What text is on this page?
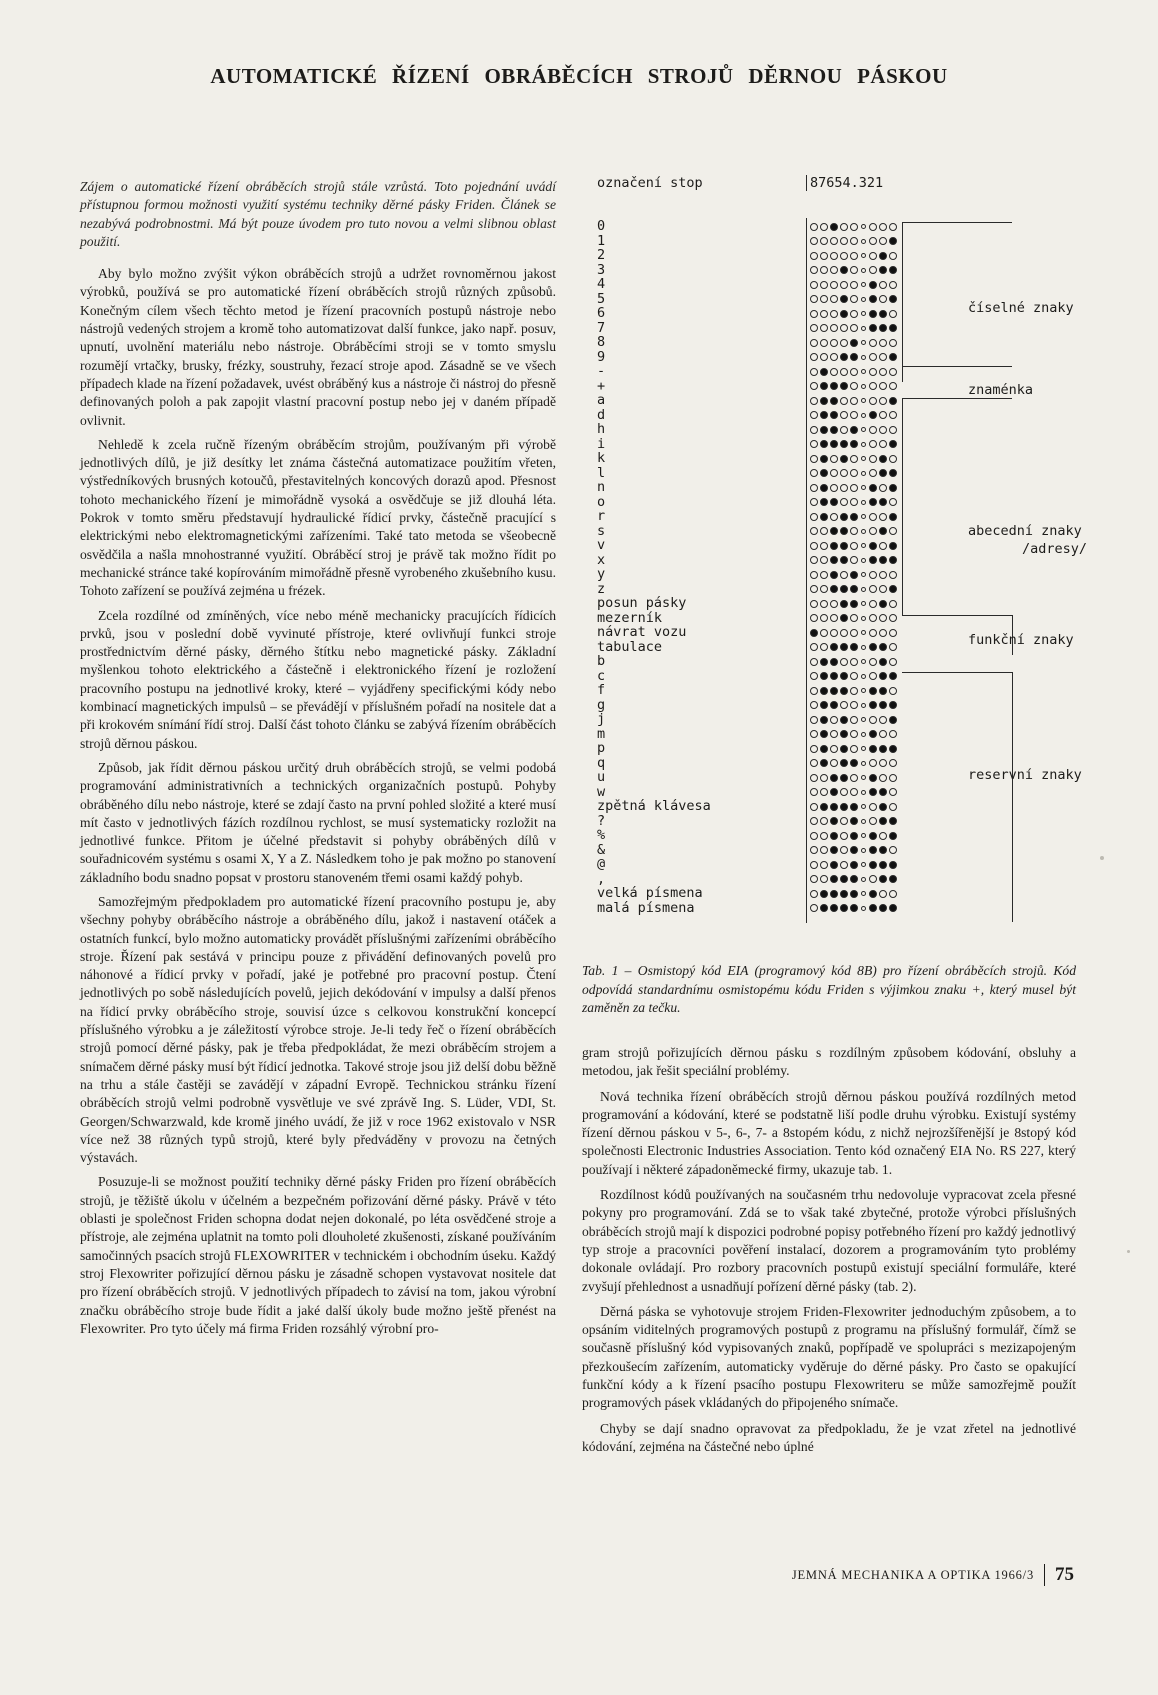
AUTOMATICKÉ ŘÍZENÍ OBRÁBĚCÍCH STROJŮ DĚRNOU PÁSKOU

Zájem o automatické řízení obráběcích strojů stále vzrůstá. Toto pojednání uvádí přístupnou formou možnosti využití systému techniky děrné pásky Friden. Článek se nezabývá podrobnostmi. Má být pouze úvodem pro tuto novou a velmi slibnou oblast použití.

Aby bylo možno zvýšit výkon obráběcích strojů a udržet rovnoměrnou jakost výrobků, používá se pro automatické řízení obráběcích strojů různých způsobů. Konečným cílem všech těchto metod je řízení pracovních postupů nástroje nebo nástrojů vedených strojem a kromě toho automatizovat další funkce, jako např. posuv, upnutí, uvolnění materiálu nebo nástroje. Obráběcími stroji se v tomto smyslu rozumějí vrtačky, brusky, frézky, soustruhy, řezací stroje apod. Zásadně se ve všech případech klade na řízení požadavek, uvést obráběný kus a nástroje či nástroj do přesně definovaných poloh a pak zapojit vlastní pracovní postup nebo jej v daném případě ovlivnit.

Nehledě k zcela ručně řízeným obráběcím strojům, používaným při výrobě jednotlivých dílů, je již desítky let známa částečná automatizace použitím vřeten, výstředníkových brusných kotoučů, přestavitelných koncových dorazů apod. Přesnost tohoto mechanického řízení je mimořádně vysoká a osvědčuje se již dlouhá léta. Pokrok v tomto směru představují hydraulické řídicí prvky, částečně pracující s elektrickými nebo elektromagnetickými zařízeními. Také tato metoda se všeobecně osvědčila a našla mnohostranné využití. Obráběcí stroj je právě tak možno řídit po mechanické stránce také kopírováním mimořádně přesně vyrobeného zkušebního kusu. Tohoto zařízení se používá zejména u frézek.

Zcela rozdílné od zmíněných, více nebo méně mechanicky pracujících řídicích prvků, jsou v poslední době vyvinuté přístroje, které ovlivňují funkci stroje prostřednictvím děrné pásky, děrného štítku nebo magnetické pásky. Základní myšlenkou tohoto elektrického a částečně i elektronického řízení je rozložení pracovního postupu na jednotlivé kroky, které – vyjádřeny specifickými kódy nebo kombinací magnetických impulsů – se převádějí v příslušném pořadí na nositele dat a při krokovém snímání řídí stroj. Další část tohoto článku se zabývá řízením obráběcích strojů děrnou páskou.

Způsob, jak řídit děrnou páskou určitý druh obráběcích strojů, se velmi podobá programování administrativních a technických organizačních postupů. Pohyby obráběného dílu nebo nástroje, které se zdají často na první pohled složité a které musí mít často v jednotlivých fázích rozdílnou rychlost, se musí systematicky rozložit na jednotlivé funkce. Přitom je účelné představit si pohyby obráběných dílů v souřadnicovém systému s osami X, Y a Z. Následkem toho je pak možno po stanovení základního bodu snadno popsat v prostoru stanoveném třemi osami každý pohyb.

Samozřejmým předpokladem pro automatické řízení pracovního postupu je, aby všechny pohyby obráběcího nástroje a obráběného dílu, jakož i nastavení otáček a ostatních funkcí, bylo možno automaticky provádět příslušnými zařízeními obráběcího stroje. Řízení pak sestává v principu pouze z přivádění definovaných povelů pro náhonové a řídicí prvky v pořadí, jaké je potřebné pro pracovní postup. Čtení jednotlivých po sobě následujících povelů, jejich dekódování v impulsy a další přenos na řídicí prvky obráběcího stroje, souvisí úzce s celkovou konstrukční koncepcí příslušného výrobku a je záležitostí výrobce stroje. Je-li tedy řeč o řízení obráběcích strojů pomocí děrné pásky, pak je třeba předpokládat, že mezi obráběcím strojem a snímačem děrné pásky musí být řídicí jednotka. Takové stroje jsou již delší dobu běžně na trhu a stále častěji se zavádějí v západní Evropě. Technickou stránku řízení obráběcích strojů velmi podrobně vysvětluje ve své zprávě Ing. S. Lüder, VDI, St. Georgen/Schwarzwald, kde kromě jiného uvádí, že již v roce 1962 existovalo v NSR více než 38 různých typů strojů, které byly předváděny v provozu na četných výstavách.

Posuzuje-li se možnost použití techniky děrné pásky Friden pro řízení obráběcích strojů, je těžiště úkolu v účelném a bezpečném pořizování děrné pásky. Právě v této oblasti je společnost Friden schopna dodat nejen dokonalé, po léta osvědčené stroje a přístroje, ale zejména uplatnit na tomto poli dlouholeté zkušenosti, získané používáním samočinných psacích strojů FLEXOWRITER v technickém i obchodním úseku. Každý stroj Flexowriter pořizující děrnou pásku je zásadně schopen vystavovat nositele dat pro řízení obráběcích strojů. V jednotlivých případech to závisí na tom, jakou výrobní značku obráběcího stroje bude řídit a jaké další úkoly bude možno ještě přenést na Flexowriter. Pro tyto účely má firma Friden rozsáhlý výrobní pro-

označení stop	87654.321
0
1
2
3
4
5
6
7
8
9
-
+
a
d
h
i
k
l
n
o
r
s
v
x
y
z
posun pásky
mezerník
návrat vozu
tabulace
b
c
f
g
j
m
p
q
u
w
zpětná klávesa
?
%
&
@
,
velká písmena
malá písmena
číselné znaky
znaménka
abecední znaky
/adresy/
funkční znaky
reservní znaky
Tab. 1 – Osmistopý kód EIA (programový kód 8B) pro řízení obráběcích strojů. Kód odpovídá standardnímu osmistopému kódu Friden s výjimkou znaku +, který musel být zaměněn za tečku.

gram strojů pořizujících děrnou pásku s rozdílným způsobem kódování, obsluhy a metodou, jak řešit speciální problémy.

Nová technika řízení obráběcích strojů děrnou páskou používá rozdílných metod programování a kódování, které se podstatně liší podle druhu výrobku. Existují systémy řízení děrnou páskou v 5-, 6-, 7- a 8stopém kódu, z nichž nejrozšířenější je 8stopý kód společnosti Electronic Industries Association. Tento kód označený EIA No. RS 227, který používají i některé západoněmecké firmy, ukazuje tab. 1.

Rozdílnost kódů používaných na současném trhu nedovoluje vypracovat zcela přesné pokyny pro programování. Zdá se to však také zbytečné, protože výrobci příslušných obráběcích strojů mají k dispozici podrobné popisy potřebného řízení pro každý jednotlivý typ stroje a pracovníci pověření instalací, dozorem a programováním tyto problémy dokonale ovládají. Pro rozbory pracovních postupů existují speciální formuláře, které zvyšují přehlednost a usnadňují pořízení děrné pásky (tab. 2).

Děrná páska se vyhotovuje strojem Friden-Flexowriter jednoduchým způsobem, a to opsáním viditelných programových postupů z programu na příslušný formulář, čímž se současně příslušný kód vypisovaných znaků, popřípadě ve spolupráci s mezizapojeným přezkoušecím zařízením, automaticky vyděruje do děrné pásky. Pro často se opakující funkční kódy a k řízení psacího postupu Flexowriteru se může samozřejmě použít programových pásek vkládaných do připojeného snímače.

Chyby se dají snadno opravovat za předpokladu, že je vzat zřetel na jednotlivé kódování, zejména na částečné nebo úplné

JEMNÁ MECHANIKA A OPTIKA 1966/3 75
